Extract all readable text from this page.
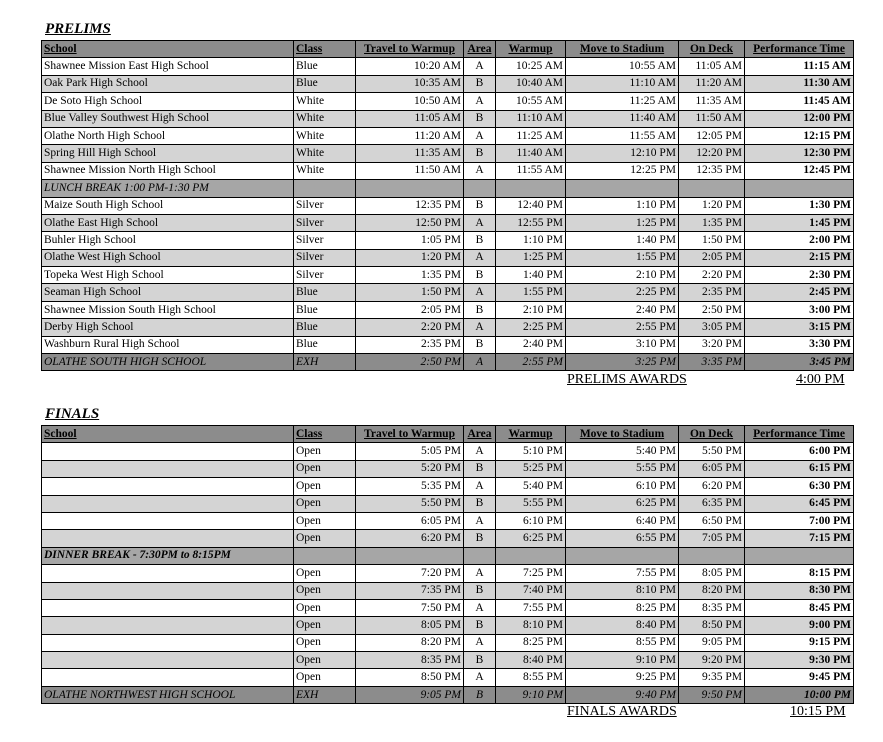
PRELIMS
School	Class	Travel to Warmup	Area	Warmup	Move to Stadium	On Deck	Performance Time
Shawnee Mission East High School	Blue	10:20 AM	A	10:25 AM	10:55 AM	11:05 AM	11:15 AM
Oak Park High School	Blue	10:35 AM	B	10:40 AM	11:10 AM	11:20 AM	11:30 AM
De Soto High School	White	10:50 AM	A	10:55 AM	11:25 AM	11:35 AM	11:45 AM
Blue Valley Southwest High School	White	11:05 AM	B	11:10 AM	11:40 AM	11:50 AM	12:00 PM
Olathe North High School	White	11:20 AM	A	11:25 AM	11:55 AM	12:05 PM	12:15 PM
Spring Hill High School	White	11:35 AM	B	11:40 AM	12:10 PM	12:20 PM	12:30 PM
Shawnee Mission North High School	White	11:50 AM	A	11:55 AM	12:25 PM	12:35 PM	12:45 PM
LUNCH BREAK 1:00 PM-1:30 PM							
Maize South High School	Silver	12:35 PM	B	12:40 PM	1:10 PM	1:20 PM	1:30 PM
Olathe East High School	Silver	12:50 PM	A	12:55 PM	1:25 PM	1:35 PM	1:45 PM
Buhler High School	Silver	1:05 PM	B	1:10 PM	1:40 PM	1:50 PM	2:00 PM
Olathe West High School	Silver	1:20 PM	A	1:25 PM	1:55 PM	2:05 PM	2:15 PM
Topeka West High School	Silver	1:35 PM	B	1:40 PM	2:10 PM	2:20 PM	2:30 PM
Seaman High School	Blue	1:50 PM	A	1:55 PM	2:25 PM	2:35 PM	2:45 PM
Shawnee Mission South High School	Blue	2:05 PM	B	2:10 PM	2:40 PM	2:50 PM	3:00 PM
Derby High School	Blue	2:20 PM	A	2:25 PM	2:55 PM	3:05 PM	3:15 PM
Washburn Rural High School	Blue	2:35 PM	B	2:40 PM	3:10 PM	3:20 PM	3:30 PM
OLATHE SOUTH HIGH SCHOOL	EXH	2:50 PM	A	2:55 PM	3:25 PM	3:35 PM	3:45 PM
PRELIMS AWARDS	4:00 PM
FINALS
School	Class	Travel to Warmup	Area	Warmup	Move to Stadium	On Deck	Performance Time
	Open	5:05 PM	A	5:10 PM	5:40 PM	5:50 PM	6:00 PM
	Open	5:20 PM	B	5:25 PM	5:55 PM	6:05 PM	6:15 PM
	Open	5:35 PM	A	5:40 PM	6:10 PM	6:20 PM	6:30 PM
	Open	5:50 PM	B	5:55 PM	6:25 PM	6:35 PM	6:45 PM
	Open	6:05 PM	A	6:10 PM	6:40 PM	6:50 PM	7:00 PM
	Open	6:20 PM	B	6:25 PM	6:55 PM	7:05 PM	7:15 PM
DINNER BREAK - 7:30PM to 8:15PM							
	Open	7:20 PM	A	7:25 PM	7:55 PM	8:05 PM	8:15 PM
	Open	7:35 PM	B	7:40 PM	8:10 PM	8:20 PM	8:30 PM
	Open	7:50 PM	A	7:55 PM	8:25 PM	8:35 PM	8:45 PM
	Open	8:05 PM	B	8:10 PM	8:40 PM	8:50 PM	9:00 PM
	Open	8:20 PM	A	8:25 PM	8:55 PM	9:05 PM	9:15 PM
	Open	8:35 PM	B	8:40 PM	9:10 PM	9:20 PM	9:30 PM
	Open	8:50 PM	A	8:55 PM	9:25 PM	9:35 PM	9:45 PM
OLATHE NORTHWEST HIGH SCHOOL	EXH	9:05 PM	B	9:10 PM	9:40 PM	9:50 PM	10:00 PM
FINALS AWARDS	10:15 PM
